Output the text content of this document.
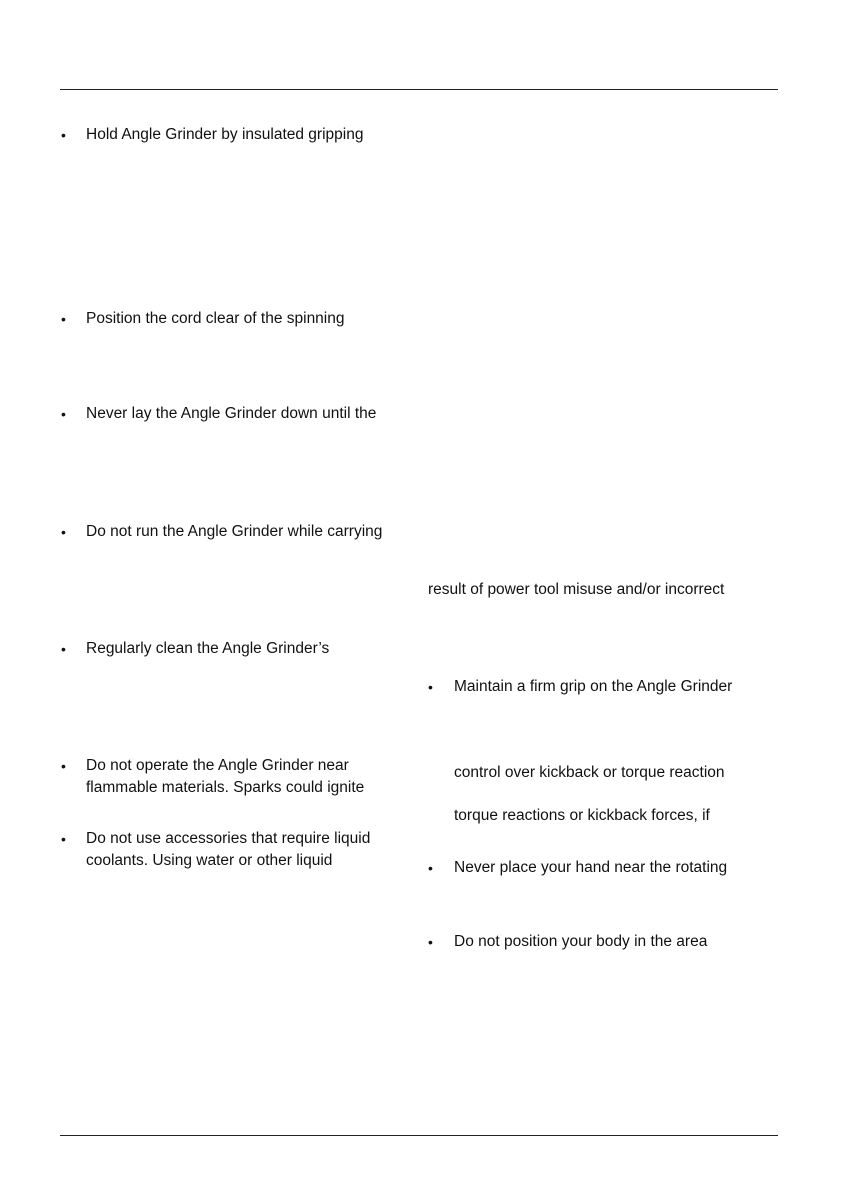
• Hold Angle Grinder by insulated gripping
• Position the cord clear of the spinning
• Never lay the Angle Grinder down until the
• Do not run the Angle Grinder while carrying
• Regularly clean the Angle Grinder’s
• Do not operate the Angle Grinder near
flammable materials. Sparks could ignite
• Do not use accessories that require liquid
coolants. Using water or other liquid
result of power tool misuse and/or incorrect
• Maintain a firm grip on the Angle Grinder
control over kickback or torque reaction
torque reactions or kickback forces, if
• Never place your hand near the rotating
• Do not position your body in the area
